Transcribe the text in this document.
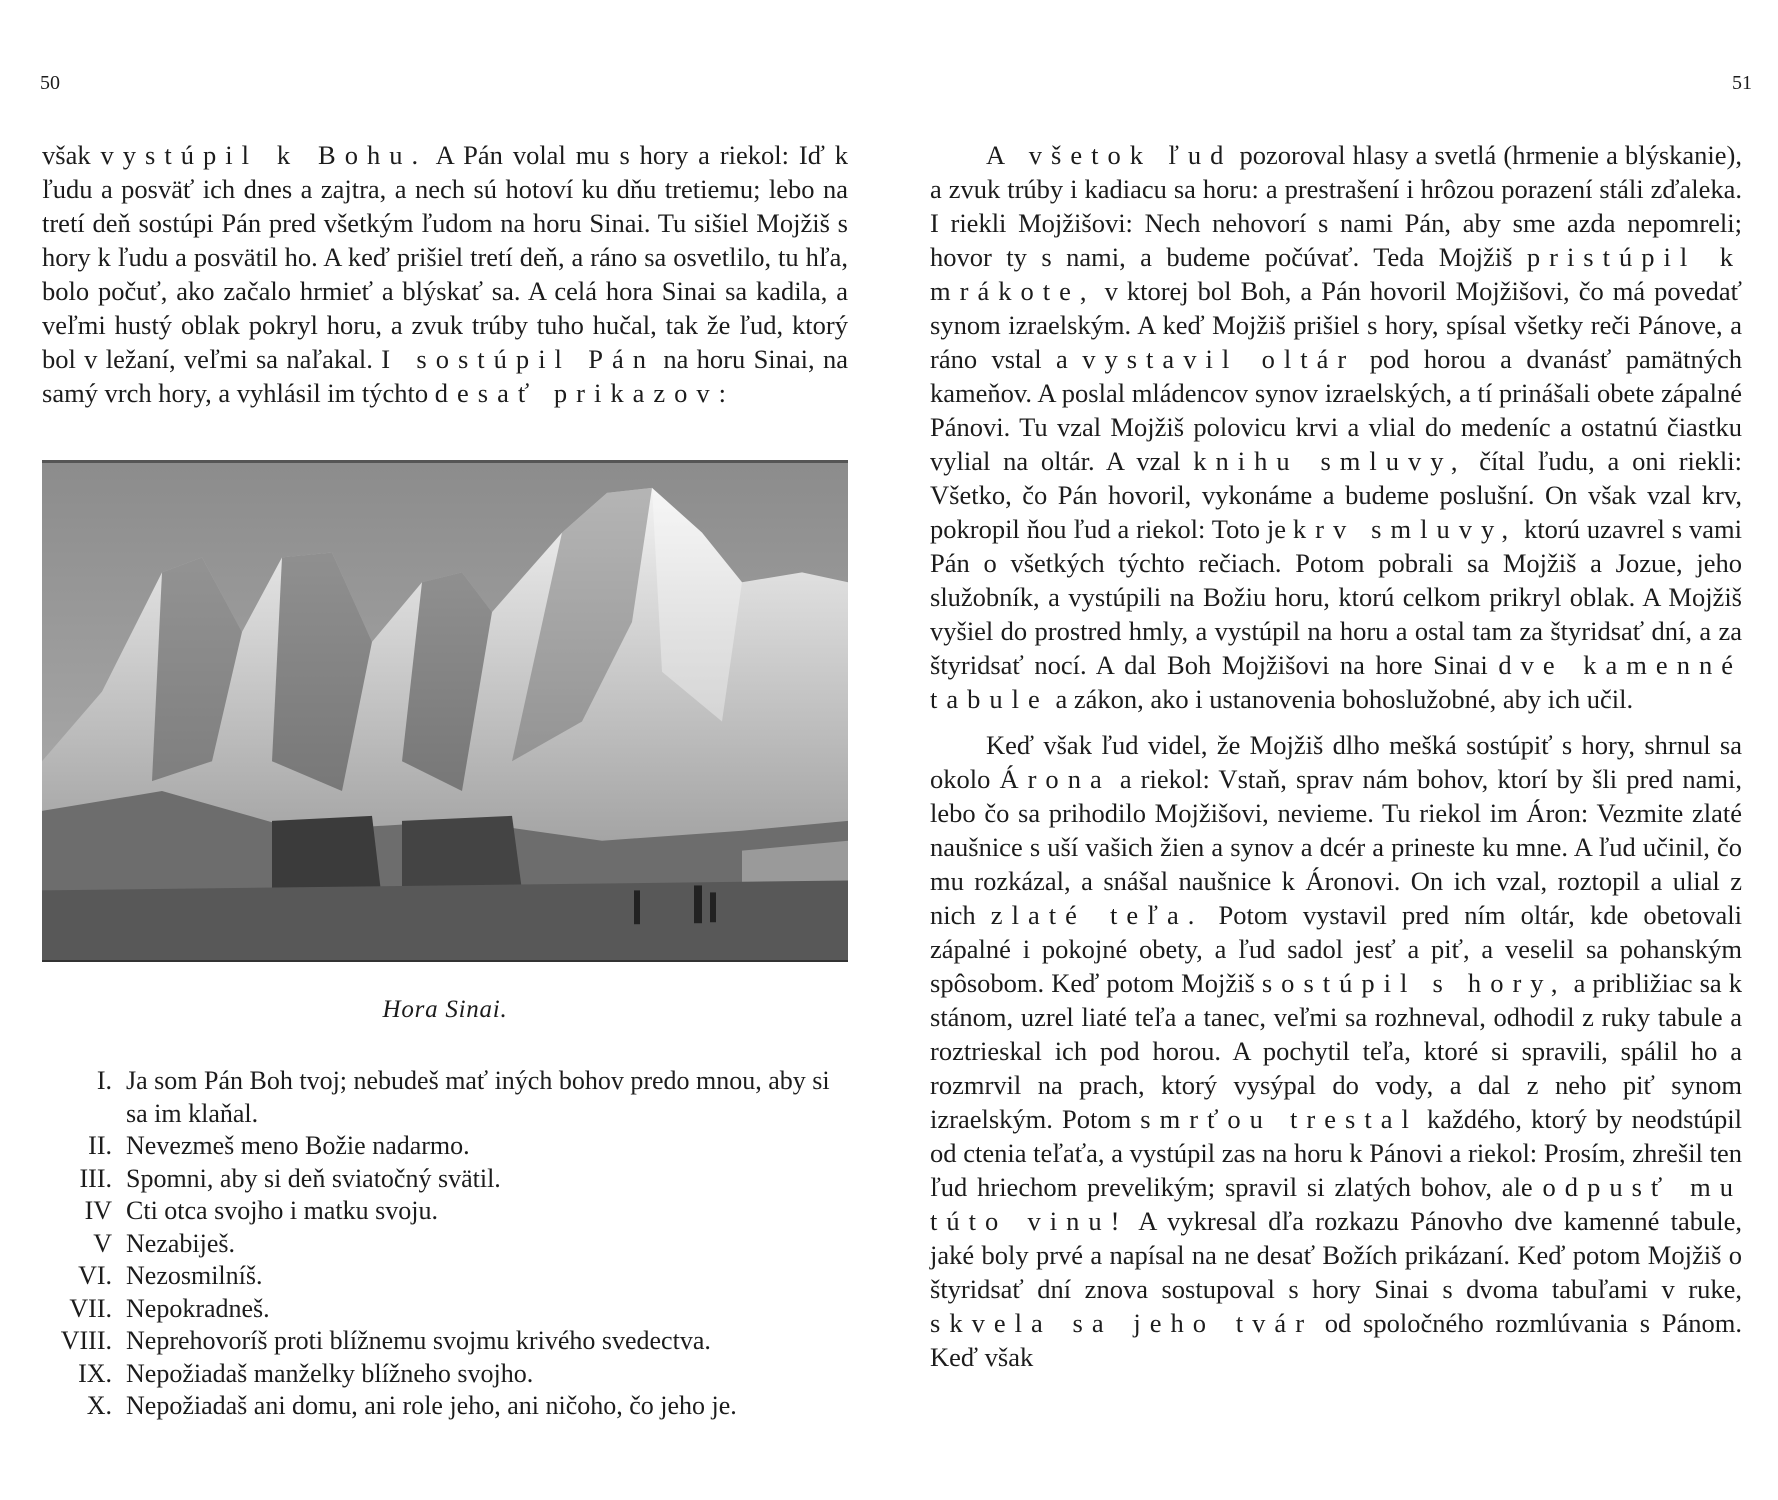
50	51

však vystúpil k Bohu. A Pán volal mu s hory a riekol: Iď k ľudu a posväť ich dnes a zajtra, a nech sú hotoví ku dňu tretiemu; lebo na tretí deň sostúpi Pán pred všetkým ľudom na horu Sinai. Tu sišiel Mojžiš s hory k ľudu a posvätil ho. A keď prišiel tretí deň, a ráno sa osvetlilo, tu hľa, bolo počuť, ako začalo hrmieť a blýskať sa. A celá hora Sinai sa kadila, a veľmi hustý oblak pokryl horu, a zvuk trúby tuho hučal, tak že ľud, ktorý bol v ležaní, veľmi sa naľakal. I sostúpil Pán na horu Sinai, na samý vrch hory, a vyhlásil im týchto desať prikazov:

Hora Sinai.
I. Ja som Pán Boh tvoj; nebudeš mať iných bohov predo mnou, aby si sa im klaňal.
II. Nevezmeš meno Božie nadarmo.
III. Spomni, aby si deň sviatočný svätil.
IV Cti otca svojho i matku svoju.
V Nezabiješ.
VI. Nezosmilníš.
VII. Nepokradneš.
VIII. Neprehovoríš proti blížnemu svojmu krivého svedectva.
IX. Nepožiadaš manželky blížneho svojho.
X. Nepožiadaš ani domu, ani role jeho, ani ničoho, čo jeho je.

A všetok ľud pozoroval hlasy a svetlá (hrmenie a blýskanie), a zvuk trúby i kadiacu sa horu: a prestrašení i hrôzou porazení stáli zďaleka. I riekli Mojžišovi: Nech nehovorí s nami Pán, aby sme azda nepomreli; hovor ty s nami, a budeme počúvať. Teda Mojžiš pristúpil k mrákote, v ktorej bol Boh, a Pán hovoril Mojžišovi, čo má povedať synom izraelským. A keď Mojžiš prišiel s hory, spísal všetky reči Pánove, a ráno vstal a vystavil oltár pod horou a dvanásť pamätných kameňov. A poslal mládencov synov izraelských, a tí prinášali obete zápalné Pánovi. Tu vzal Mojžiš polovicu krvi a vlial do medeníc a ostatnú čiastku vylial na oltár. A vzal knihu smluvy, čítal ľudu, a oni riekli: Všetko, čo Pán hovoril, vykonáme a budeme poslušní. On však vzal krv, pokropil ňou ľud a riekol: Toto je krv smluvy, ktorú uzavrel s vami Pán o všetkých týchto rečiach. Potom pobrali sa Mojžiš a Jozue, jeho služobník, a vystúpili na Božiu horu, ktorú celkom prikryl oblak. A Mojžiš vyšiel do prostred hmly, a vystúpil na horu a ostal tam za štyridsať dní, a za štyridsať nocí. A dal Boh Mojžišovi na hore Sinai dve kamenné tabule a zákon, ako i ustanovenia bohoslužobné, aby ich učil.

Keď však ľud videl, že Mojžiš dlho mešká sostúpiť s hory, shrnul sa okolo Árona a riekol: Vstaň, sprav nám bohov, ktorí by šli pred nami, lebo čo sa prihodilo Mojžišovi, nevieme. Tu riekol im Áron: Vezmite zlaté naušnice s uší vašich žien a synov a dcér a prineste ku mne. A ľud učinil, čo mu rozkázal, a snášal naušnice k Áronovi. On ich vzal, roztopil a ulial z nich zlaté teľa. Potom vystavil pred ním oltár, kde obetovali zápalné i pokojné obety, a ľud sadol jesť a piť, a veselil sa pohanským spôsobom. Keď potom Mojžiš sostúpil s hory, a približiac sa k stánom, uzrel liaté teľa a tanec, veľmi sa rozhneval, odhodil z ruky tabule a roztrieskal ich pod horou. A pochytil teľa, ktoré si spravili, spálil ho a rozmrvil na prach, ktorý vysýpal do vody, a dal z neho piť synom izraelským. Potom smrťou trestal každého, ktorý by neodstúpil od ctenia teľaťa, a vystúpil zas na horu k Pánovi a riekol: Prosím, zhrešil ten ľud hriechom prevelikým; spravil si zlatých bohov, ale odpusť mu túto vinu! A vykresal dľa rozkazu Pánovho dve kamenné tabule, jaké boly prvé a napísal na ne desať Božích prikázaní. Keď potom Mojžiš o štyridsať dní znova sostupoval s hory Sinai s dvoma tabuľami v ruke, skvela sa jeho tvár od spoločného rozmlúvania s Pánom. Keď však
